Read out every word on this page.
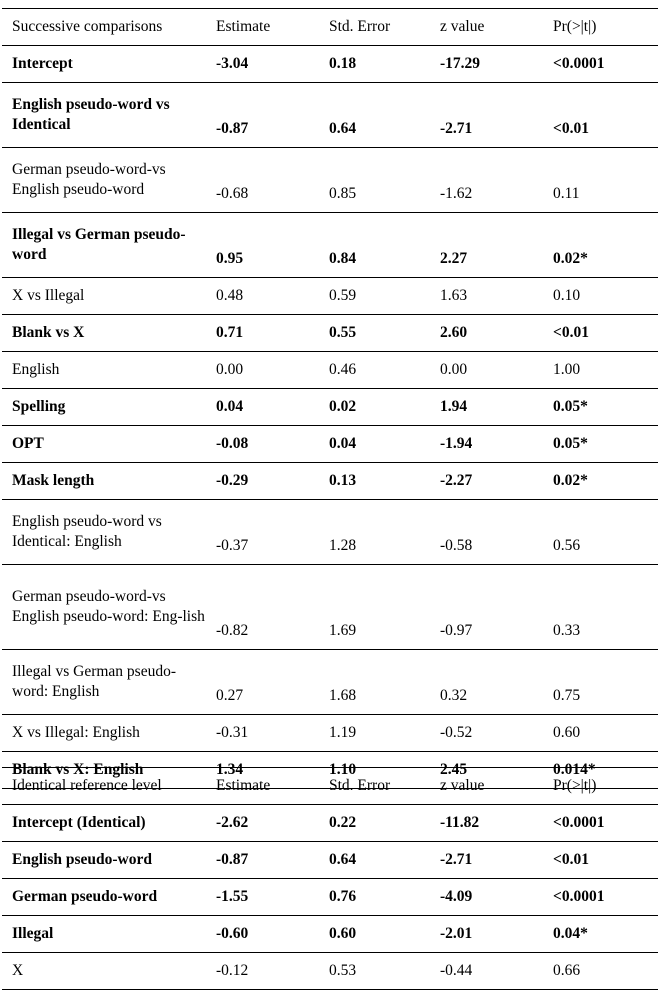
Successive comparisons	Estimate	Std. Error	z value	Pr(>|t|)
Intercept	-3.04	0.18	-17.29	<0.0001
English pseudo-word vs Identical	-0.87	0.64	-2.71	<0.01
German pseudo-word-vs English pseudo-word	-0.68	0.85	-1.62	0.11
Illegal vs German pseudo-word	0.95	0.84	2.27	0.02*
X vs Illegal	0.48	0.59	1.63	0.10
Blank vs X	0.71	0.55	2.60	<0.01
English	0.00	0.46	0.00	1.00
Spelling	0.04	0.02	1.94	0.05*
OPT	-0.08	0.04	-1.94	0.05*
Mask length	-0.29	0.13	-2.27	0.02*
English pseudo-word vs Identical: English	-0.37	1.28	-0.58	0.56
German pseudo-word-vs English pseudo-word: Eng-lish	-0.82	1.69	-0.97	0.33
Illegal vs German pseudo-word: English	0.27	1.68	0.32	0.75
X vs Illegal: English	-0.31	1.19	-0.52	0.60
Blank vs X: English	1.34	1.10	2.45	0.014*
Identical reference level	Estimate	Std. Error	z value	Pr(>|t|)
Intercept (Identical)	-2.62	0.22	-11.82	<0.0001
English pseudo-word	-0.87	0.64	-2.71	<0.01
German pseudo-word	-1.55	0.76	-4.09	<0.0001
Illegal	-0.60	0.60	-2.01	0.04*
X	-0.12	0.53	-0.44	0.66
